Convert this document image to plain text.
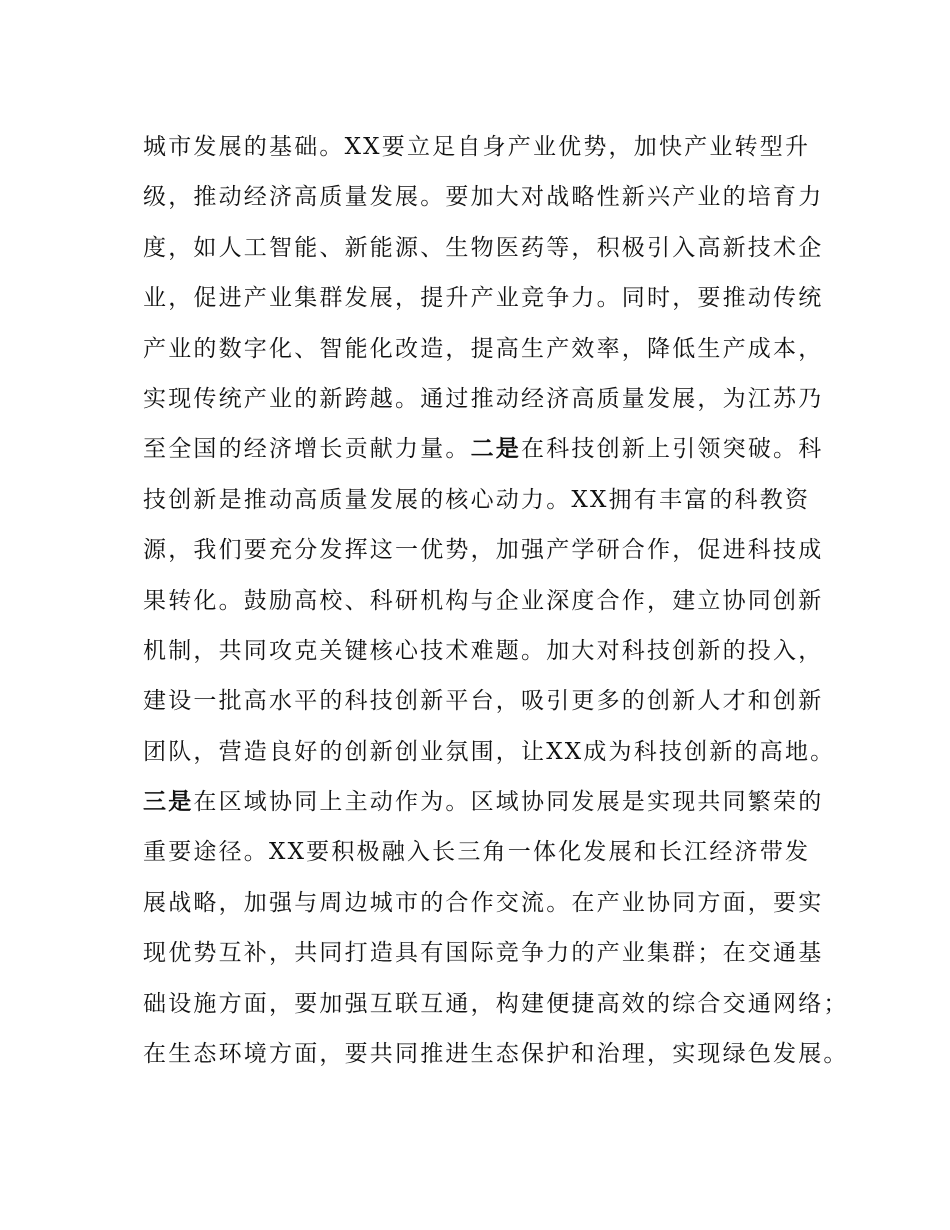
城市发展的基础。XX要立足自身产业优势，加快产业转型升
级，推动经济高质量发展。要加大对战略性新兴产业的培育力
度，如人工智能、新能源、生物医药等，积极引入高新技术企
业，促进产业集群发展，提升产业竞争力。同时，要推动传统
产业的数字化、智能化改造，提高生产效率，降低生产成本，
实现传统产业的新跨越。通过推动经济高质量发展，为江苏乃
至全国的经济增长贡献力量。二是在科技创新上引领突破。科
技创新是推动高质量发展的核心动力。XX拥有丰富的科教资
源，我们要充分发挥这一优势，加强产学研合作，促进科技成
果转化。鼓励高校、科研机构与企业深度合作，建立协同创新
机制，共同攻克关键核心技术难题。加大对科技创新的投入，
建设一批高水平的科技创新平台，吸引更多的创新人才和创新
团队，营造良好的创新创业氛围，让XX成为科技创新的高地。
三是在区域协同上主动作为。区域协同发展是实现共同繁荣的
重要途径。XX要积极融入长三角一体化发展和长江经济带发
展战略，加强与周边城市的合作交流。在产业协同方面，要实
现优势互补，共同打造具有国际竞争力的产业集群；在交通基
础设施方面，要加强互联互通，构建便捷高效的综合交通网络；
在生态环境方面，要共同推进生态保护和治理，实现绿色发展。
